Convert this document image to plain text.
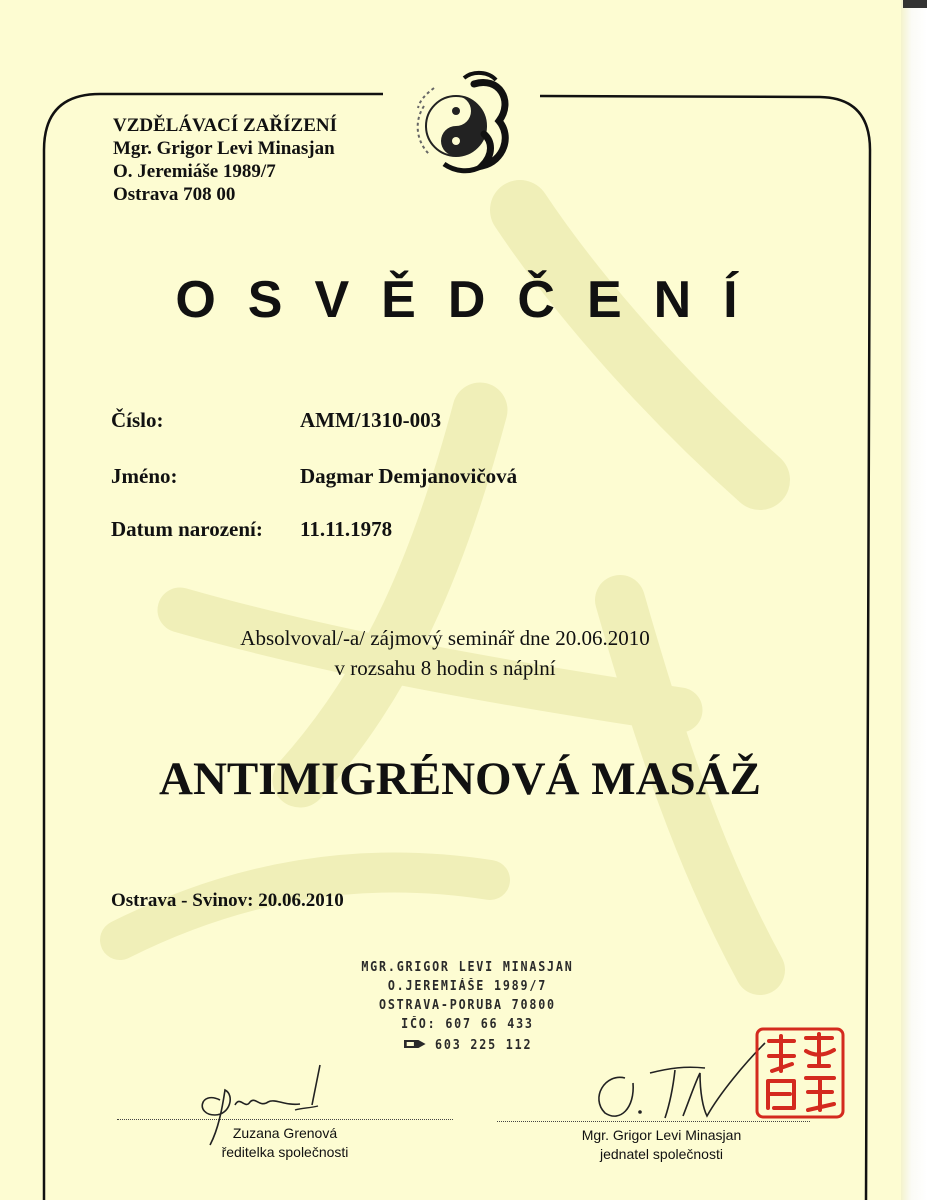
VZDĚLÁVACÍ ZAŘÍZENÍ
Mgr. Grigor Levi Minasjan
O. Jeremiáše 1989/7
Ostrava 708 00
OSVĚDČENÍ
Číslo:	AMM/1310-003
Jméno:	Dagmar Demjanovičová
Datum narození: 11.11.1978
Absolvoval/-a/ zájmový seminář dne 20.06.2010
v rozsahu 8 hodin s náplní
ANTIMIGRÉNOVÁ MASÁŽ
Ostrava - Svinov: 20.06.2010
MGR.GRIGOR LEVI MINASJAN
O.JEREMIÁŠE 1989/7
OSTRAVA-PORUBA 70800
IČO: 607 66 433
603 225 112
Zuzana Grenová
ředitelka společnosti
Mgr. Grigor Levi Minasjan
jednatel společnosti
